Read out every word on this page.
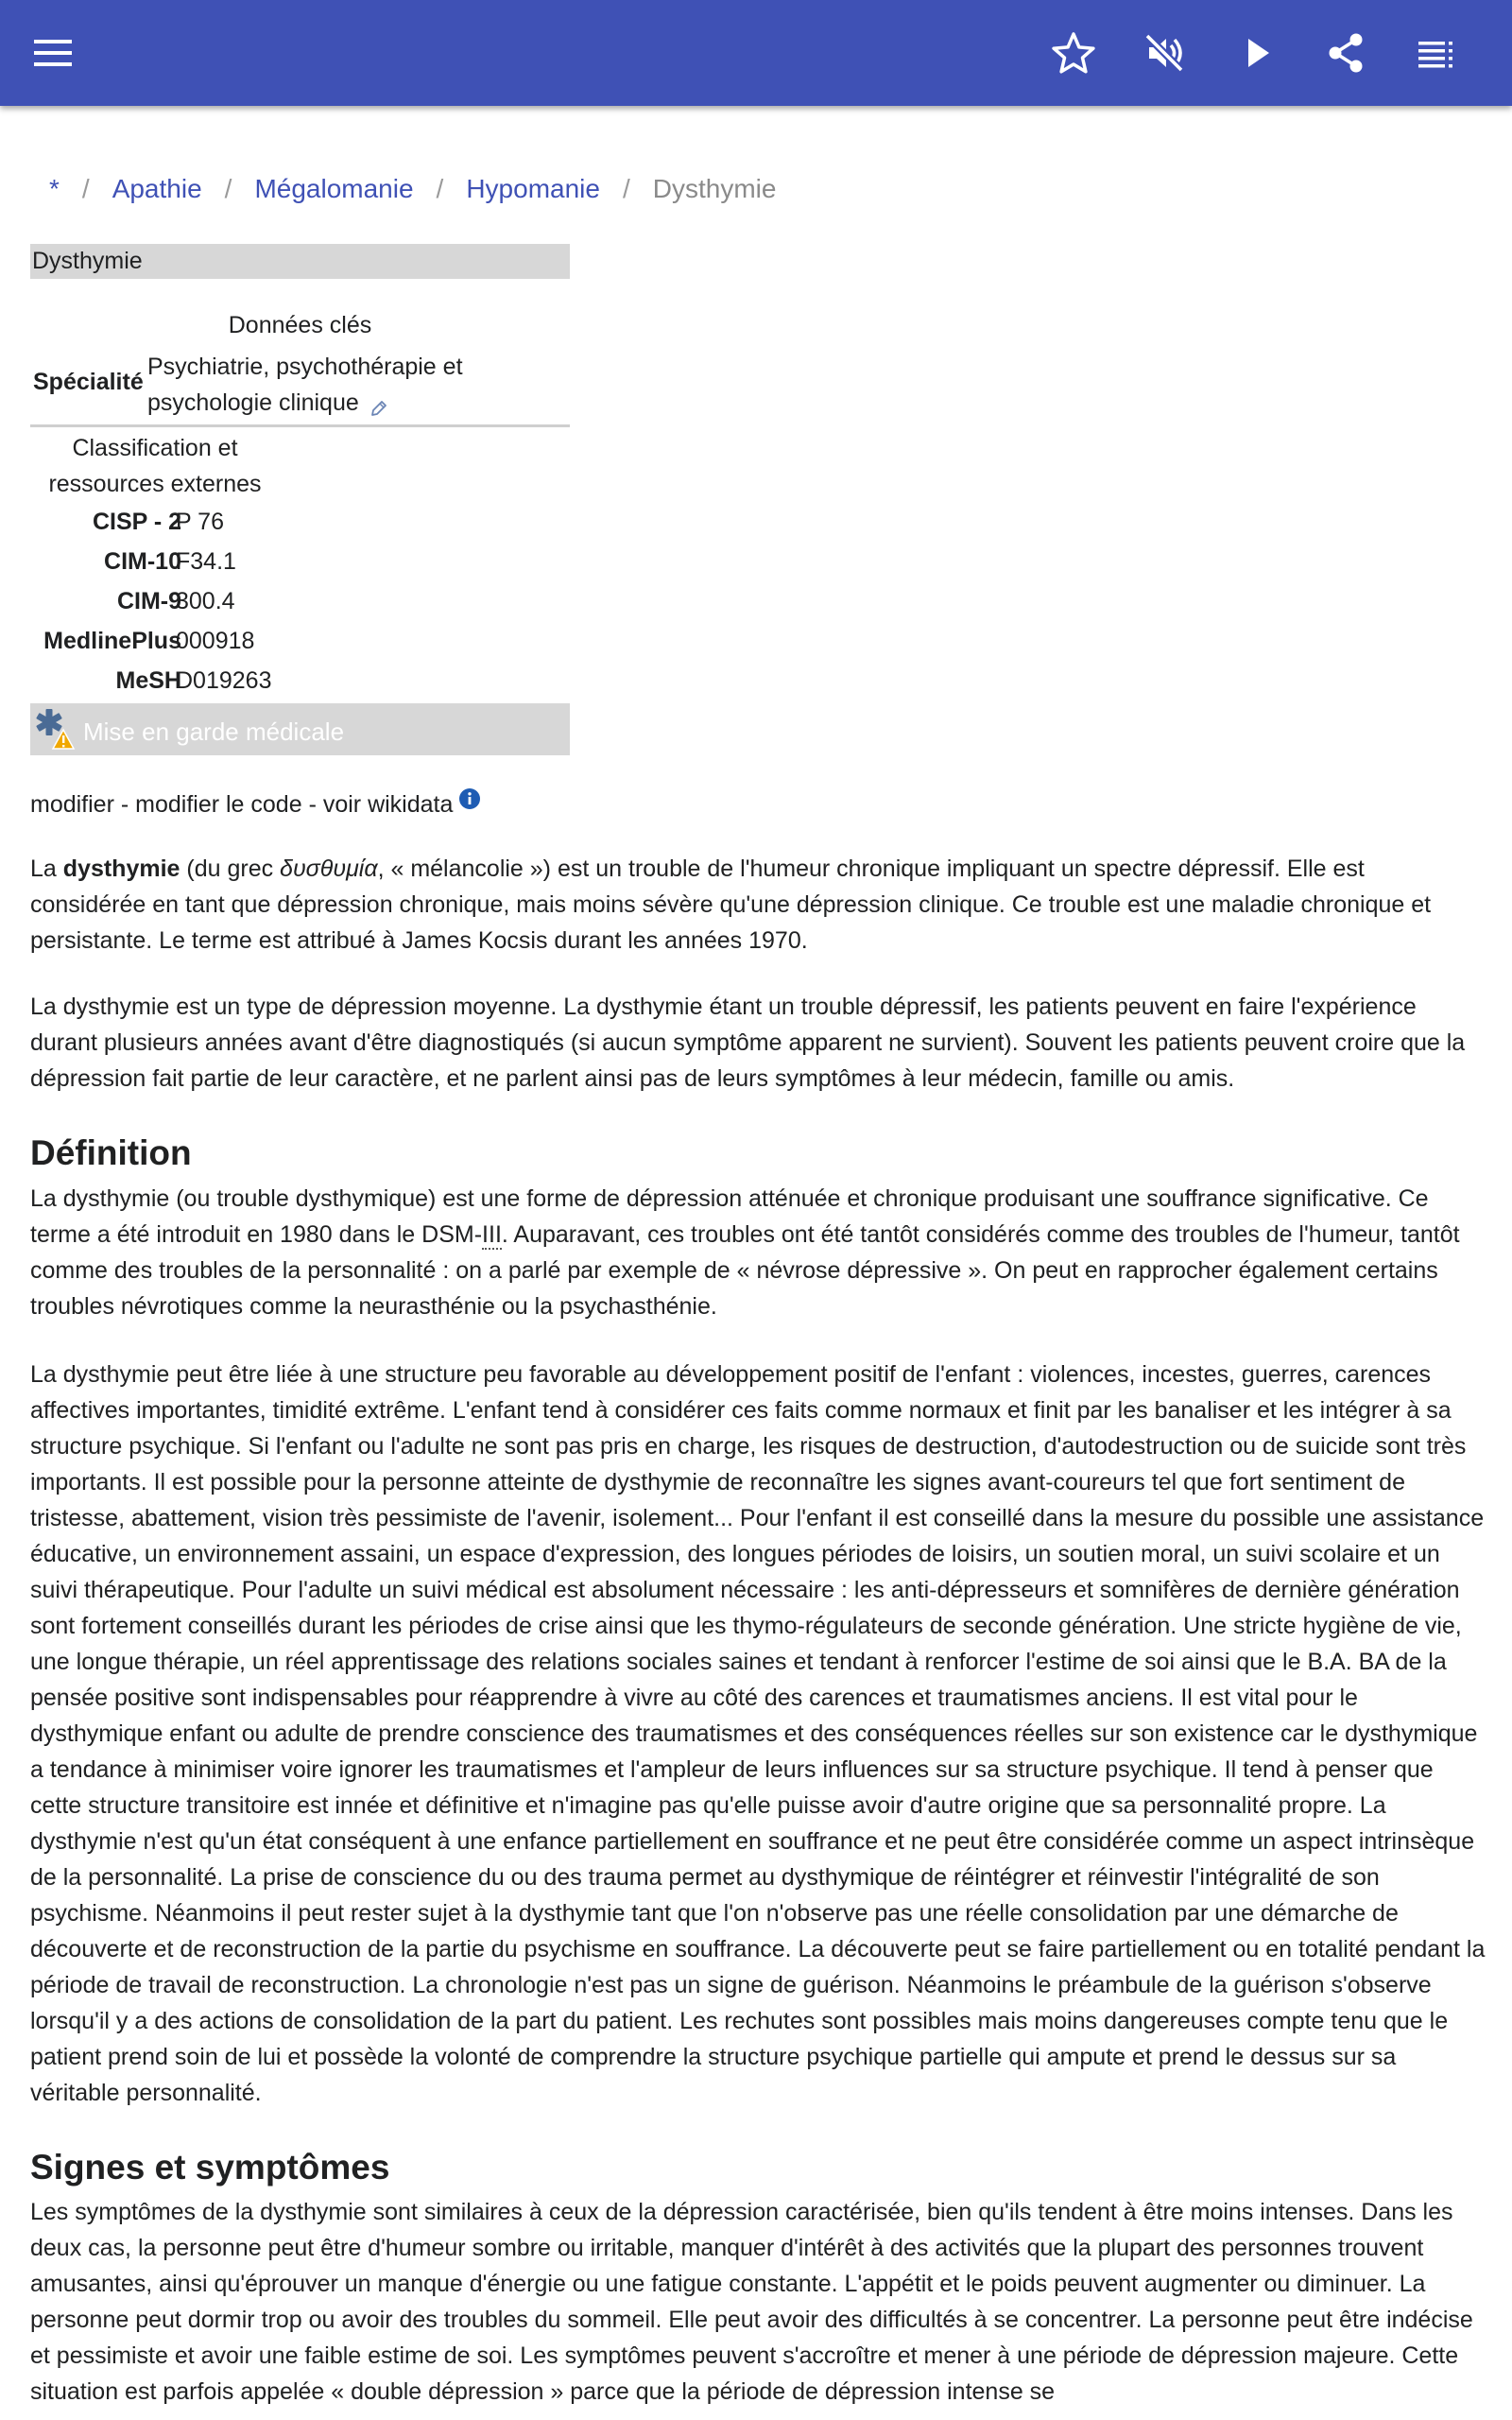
* / Apathie / Mégalomanie / Hypomanie / Dysthymie
Dysthymie
Données clés
Spécialité
Psychiatrie, psychothérapie et psychologie clinique
Classification et ressources externes
CISP - 2
P 76
CIM-10
F34.1
CIM-9
300.4
MedlinePlus
000918
MeSH
D019263
Mise en garde médicale
modifier - modifier le code - voir wikidata

La dysthymie (du grec δυσθυμία, « mélancolie ») est un trouble de l'humeur chronique impliquant un spectre dépressif. Elle est considérée en tant que dépression chronique, mais moins sévère qu'une dépression clinique. Ce trouble est une maladie chronique et persistante. Le terme est attribué à James Kocsis durant les années 1970.

La dysthymie est un type de dépression moyenne. La dysthymie étant un trouble dépressif, les patients peuvent en faire l'expérience durant plusieurs années avant d'être diagnostiqués (si aucun symptôme apparent ne survient). Souvent les patients peuvent croire que la dépression fait partie de leur caractère, et ne parlent ainsi pas de leurs symptômes à leur médecin, famille ou amis.

Définition

La dysthymie (ou trouble dysthymique) est une forme de dépression atténuée et chronique produisant une souffrance significative. Ce terme a été introduit en 1980 dans le DSM-III. Auparavant, ces troubles ont été tantôt considérés comme des troubles de l'humeur, tantôt comme des troubles de la personnalité : on a parlé par exemple de « névrose dépressive ». On peut en rapprocher également certains troubles névrotiques comme la neurasthénie ou la psychasthénie.

La dysthymie peut être liée à une structure peu favorable au développement positif de l'enfant : violences, incestes, guerres, carences affectives importantes, timidité extrême. L'enfant tend à considérer ces faits comme normaux et finit par les banaliser et les intégrer à sa structure psychique. Si l'enfant ou l'adulte ne sont pas pris en charge, les risques de destruction, d'autodestruction ou de suicide sont très importants. Il est possible pour la personne atteinte de dysthymie de reconnaître les signes avant-coureurs tel que fort sentiment de tristesse, abattement, vision très pessimiste de l'avenir, isolement... Pour l'enfant il est conseillé dans la mesure du possible une assistance éducative, un environnement assaini, un espace d'expression, des longues périodes de loisirs, un soutien moral, un suivi scolaire et un suivi thérapeutique. Pour l'adulte un suivi médical est absolument nécessaire : les anti-dépresseurs et somnifères de dernière génération sont fortement conseillés durant les périodes de crise ainsi que les thymo-régulateurs de seconde génération. Une stricte hygiène de vie, une longue thérapie, un réel apprentissage des relations sociales saines et tendant à renforcer l'estime de soi ainsi que le B.A. BA de la pensée positive sont indispensables pour réapprendre à vivre au côté des carences et traumatismes anciens. Il est vital pour le dysthymique enfant ou adulte de prendre conscience des traumatismes et des conséquences réelles sur son existence car le dysthymique a tendance à minimiser voire ignorer les traumatismes et l'ampleur de leurs influences sur sa structure psychique. Il tend à penser que cette structure transitoire est innée et définitive et n'imagine pas qu'elle puisse avoir d'autre origine que sa personnalité propre. La dysthymie n'est qu'un état conséquent à une enfance partiellement en souffrance et ne peut être considérée comme un aspect intrinsèque de la personnalité. La prise de conscience du ou des trauma permet au dysthymique de réintégrer et réinvestir l'intégralité de son psychisme. Néanmoins il peut rester sujet à la dysthymie tant que l'on n'observe pas une réelle consolidation par une démarche de découverte et de reconstruction de la partie du psychisme en souffrance. La découverte peut se faire partiellement ou en totalité pendant la période de travail de reconstruction. La chronologie n'est pas un signe de guérison. Néanmoins le préambule de la guérison s'observe lorsqu'il y a des actions de consolidation de la part du patient. Les rechutes sont possibles mais moins dangereuses compte tenu que le patient prend soin de lui et possède la volonté de comprendre la structure psychique partielle qui ampute et prend le dessus sur sa véritable personnalité.

Signes et symptômes

Les symptômes de la dysthymie sont similaires à ceux de la dépression caractérisée, bien qu'ils tendent à être moins intenses. Dans les deux cas, la personne peut être d'humeur sombre ou irritable, manquer d'intérêt à des activités que la plupart des personnes trouvent amusantes, ainsi qu'éprouver un manque d'énergie ou une fatigue constante. L'appétit et le poids peuvent augmenter ou diminuer. La personne peut dormir trop ou avoir des troubles du sommeil. Elle peut avoir des difficultés à se concentrer. La personne peut être indécise et pessimiste et avoir une faible estime de soi. Les symptômes peuvent s'accroître et mener à une période de dépression majeure. Cette situation est parfois appelée « double dépression » parce que la période de dépression intense se
